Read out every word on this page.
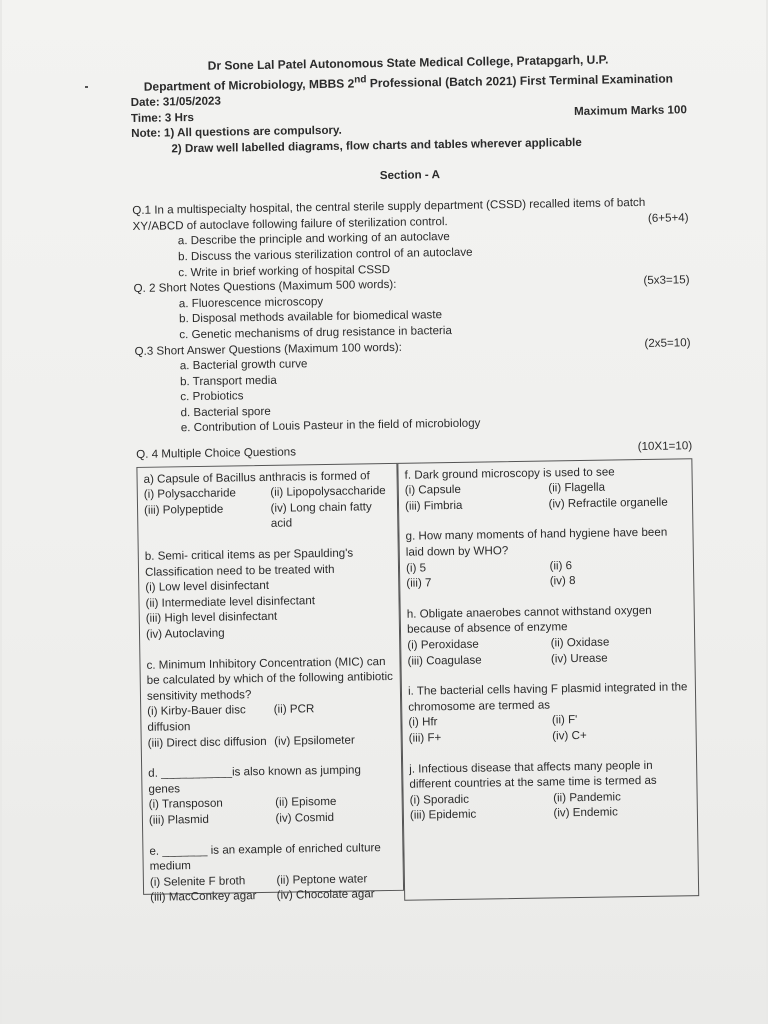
Dr Sone Lal Patel Autonomous State Medical College, Pratapgarh, U.P.
Department of Microbiology, MBBS 2nd Professional (Batch 2021) First Terminal Examination
Date: 31/05/2023
Time: 3 Hrs	Maximum Marks 100
Note: 1) All questions are compulsory.
2) Draw well labelled diagrams, flow charts and tables wherever applicable
Section - A
Q.1 In a multispecialty hospital, the central sterile supply department (CSSD) recalled items of batch
XY/ABCD of autoclave following failure of sterilization control.	(6+5+4)
a. Describe the principle and working of an autoclave
b. Discuss the various sterilization control of an autoclave
c. Write in brief working of hospital CSSD
Q. 2 Short Notes Questions (Maximum 500 words):	(5x3=15)
a. Fluorescence microscopy
b. Disposal methods available for biomedical waste
c. Genetic mechanisms of drug resistance in bacteria
Q.3 Short Answer Questions (Maximum 100 words):	(2x5=10)
a. Bacterial growth curve
b. Transport media
c. Probiotics
d. Bacterial spore
e. Contribution of Louis Pasteur in the field of microbiology
Q. 4 Multiple Choice Questions	(10X1=10)
a) Capsule of Bacillus anthracis is formed of
(i) Polysaccharide	(ii) Lipopolysaccharide
(iii) Polypeptide	(iv) Long chain fatty acid
b. Semi- critical items as per Spaulding's Classification need to be treated with
(i) Low level disinfectant
(ii) Intermediate level disinfectant
(iii) High level disinfectant
(iv) Autoclaving
c. Minimum Inhibitory Concentration (MIC) can be calculated by which of the following antibiotic sensitivity methods?
(i) Kirby-Bauer disc diffusion
(ii) PCR
(iii) Direct disc diffusion (iv) Epsilometer
d. ___________is also known as jumping genes
(i) Transposon	(ii) Episome
(iii) Plasmid	(iv) Cosmid
e. _______ is an example of enriched culture medium
(i) Selenite F broth	(ii) Peptone water
(iii) MacConkey agar	(iv) Chocolate agar
f. Dark ground microscopy is used to see
(i) Capsule	(ii) Flagella
(iii) Fimbria	(iv) Refractile organelle
g. How many moments of hand hygiene have been laid down by WHO?
(i) 5	(ii) 6
(iii) 7	(iv) 8
h. Obligate anaerobes cannot withstand oxygen because of absence of enzyme
(i) Peroxidase	(ii) Oxidase
(iii) Coagulase	(iv) Urease
i. The bacterial cells having F plasmid integrated in the chromosome are termed as
(i) Hfr	(ii) F'
(iii) F+	(iv) C+
j. Infectious disease that affects many people in different countries at the same time is termed as
(i) Sporadic	(ii) Pandemic
(iii) Epidemic	(iv) Endemic
